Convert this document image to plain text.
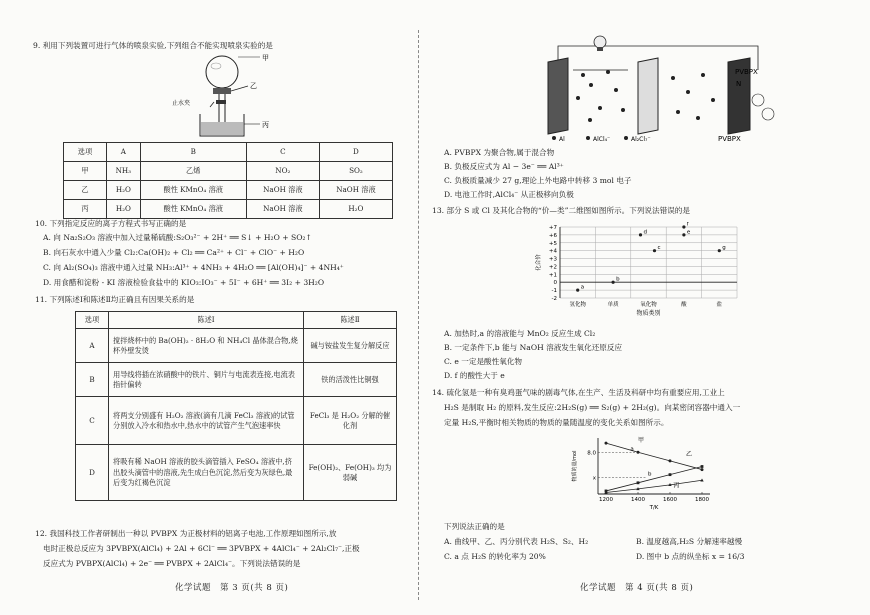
9. 利用下列装置可进行气体的喷泉实验,下列组合不能实现喷泉实验的是
甲
乙
止水夹
丙
选项	A	B	C	D
甲	NH₃	乙烯	NO₂	SO₂
乙	H₂O	酸性 KMnO₄ 溶液	NaOH 溶液	NaOH 溶液
丙	H₂O	酸性 KMnO₄ 溶液	NaOH 溶液	H₂O
10. 下列指定反应的离子方程式书写正确的是
A. 向 Na₂S₂O₃ 溶液中加入过量稀硫酸:S₂O₃²⁻ + 2H⁺ ══ S↓ + H₂O + SO₂↑
B. 向石灰水中通入少量 Cl₂:Ca(OH)₂ + Cl₂ ══ Ca²⁺ + Cl⁻ + ClO⁻ + H₂O
C. 向 Al₂(SO₄)₃ 溶液中通入过量 NH₃:Al³⁺ + 4NH₃ + 4H₂O ══ [Al(OH)₄]⁻ + 4NH₄⁺
D. 用食醋和淀粉 - KI 溶液检验食盐中的 KIO₃:IO₃⁻ + 5I⁻ + 6H⁺ ══ 3I₂ + 3H₂O
11. 下列陈述Ⅰ和陈述Ⅱ均正确且有因果关系的是
选项	陈述Ⅰ	陈述Ⅱ
A	搅拌烧杯中的 Ba(OH)₂ · 8H₂O 和 NH₄Cl 晶体混合物,烧杯外壁发烫	碱与铵盐发生复分解反应
B	用导线将插在浓硝酸中的铁片、铜片与电流表连接,电流表指针偏转	铁的活泼性比铜强
C	将两支分别盛有 H₂O₂ 溶液(滴有几滴 FeCl₃ 溶液)的试管分别放入冷水和热水中,热水中的试管产生气泡速率快	FeCl₃ 是 H₂O₂ 分解的催化剂
D	将吸有稀 NaOH 溶液的胶头滴管插入 FeSO₄ 溶液中,挤出胶头滴管中的溶液,先生成白色沉淀,然后变为灰绿色,最后变为红褐色沉淀	Fe(OH)₂、Fe(OH)₃ 均为弱碱
12. 我国科技工作者研制出一种以 PVBPX 为正极材料的铝离子电池,工作原理如图所示,放
电时正极总反应为 3PVBPX(AlCl₄) + 2Al + 6Cl⁻ ══ 3PVBPX + 4AlCl₄⁻ + 2Al₂Cl₇⁻,正极
反应式为 PVBPX(AlCl₄) + 2e⁻ ══ PVBPX + 2AlCl₄⁻。下列说法错误的是
化学试题　第 3 页(共 8 页)
PVBPX
N
Al	AlCl₄⁻	Al₂Cl₇⁻	PVBPX
A. PVBPX 为聚合物,属于混合物
B. 负极反应式为 Al − 3e⁻ ══ Al³⁺
C. 负极质量减少 27 g,理论上外电路中转移 3 mol 电子
D. 电池工作时,AlCl₄⁻ 从正极移向负极
13. 部分 S 或 Cl 及其化合物的“价—类”二维图如图所示。下列说法错误的是
+7
+6
+5
+4
+3
+2
+1
0
-1
-2
氢化物	单质	氧化物	酸	盐
物质类别
化合价
a
b
c
d	e
f
g
A. 加热时,a 的溶液能与 MnO₂ 反应生成 Cl₂
B. 一定条件下,b 能与 NaOH 溶液发生氧化还原反应
C. e 一定是酸性氧化物
D. f 的酸性大于 e
14. 硫化氢是一种有臭鸡蛋气味的剧毒气体,在生产、生活及科研中均有重要应用,工业上
H₂S 是制取 H₂ 的原料,发生反应:2H₂S(g) ══ S₂(g) + 2H₂(g)。向某密闭容器中通入一
定量 H₂S,平衡时相关物质的物质的量随温度的变化关系如图所示。
1200	1400	1600	1800
T/K
物质的量/mol 8.0
x
甲
乙
丙
a
b
下列说法正确的是
A. 曲线甲、乙、丙分别代表 H₂S、S₂、H₂	B. 温度越高,H₂S 分解速率越慢
C. a 点 H₂S 的转化率为 20%	D. 图中 b 点的纵坐标 x = 16/3
化学试题　第 4 页(共 8 页)
